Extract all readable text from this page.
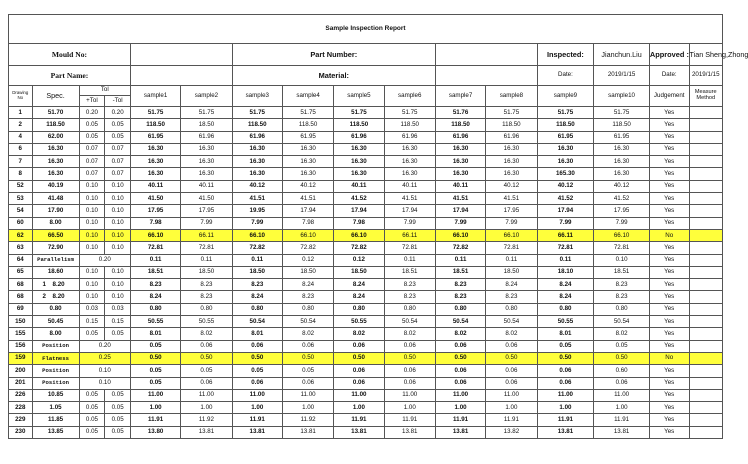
Sample Inspection Report															
Mould No:						Part Number:						Inspected:	Jianchun.Liu	Approved :	Tian Sheng,Zhong
Part Name:						Material:						Date:	2019/1/15	Date:	2019/1/15
Drawing No	Spec.	Tol		sample1	sample2	sample3	sample4	sample5	sample6	sample7	sample8	sample9	sample10	Judgement	Measure Method
		+Tol	-Tol												
1	51.70	0.20	0.20	51.75	51.75	51.75	51.75	51.75	51.75	51.76	51.75	51.75	51.75	Yes	
2	118.50	0.05	0.05	118.50	18.50	118.50	118.50	118.50	118.50	118.50	118.50	118.50	118.50	Yes	
4	62.00	0.05	0.05	61.95	61.96	61.96	61.95	61.96	61.96	61.96	61.96	61.95	61.95	Yes	
6	16.30	0.07	0.07	16.30	16.30	16.30	16.30	16.30	16.30	16.30	16.30	16.30	16.30	Yes	
7	16.30	0.07	0.07	16.30	16.30	16.30	16.30	16.30	16.30	16.30	16.30	16.30	16.30	Yes	
8	16.30	0.07	0.07	16.30	16.30	16.30	16.30	16.30	16.30	16.30	16.30	165.30	16.30	Yes	
52	40.19	0.10	0.10	40.11	40.11	40.12	40.12	40.11	40.11	40.11	40.12	40.12	40.12	Yes	
53	41.48	0.10	0.10	41.50	41.50	41.51	41.51	41.52	41.51	41.51	41.51	41.52	41.52	Yes	
54	17.90	0.10	0.10	17.95	17.95	19.95	17.94	17.94	17.94	17.94	17.95	17.94	17.95	Yes	
60	8.00	0.10	0.10	7.98	7.99	7.99	7.98	7.98	7.99	7.99	7.99	7.99	7.99	Yes	
62	66.50	0.10	0.10	66.10	66.11	66.10	66.10	66.10	66.11	66.10	66.10	66.11	66.10	No	
63	72.90	0.10	0.10	72.81	72.81	72.82	72.82	72.82	72.81	72.82	72.81	72.81	72.81	Yes	
64	Parallelism	0.20		0.11	0.11	0.11	0.12	0.12	0.11	0.11	0.11	0.11	0.10	Yes	
65	18.60	0.10	0.10	18.51	18.50	18.50	18.50	18.50	18.51	18.51	18.50	18.10	18.51	Yes	
68	1 8.20	0.10	0.10	8.23	8.23	8.23	8.24	8.24	8.23	8.23	8.24	8.24	8.23	Yes	
68	2 8.20	0.10	0.10	8.24	8.23	8.24	8.23	8.24	8.23	8.23	8.23	8.24	8.23	Yes	
69	0.80	0.03	0.03	0.80	0.80	0.80	0.80	0.80	0.80	0.80	0.80	0.80	0.80	Yes	
150	50.45	0.15	0.15	50.55	50.55	50.54	50.54	50.55	50.54	50.54	50.54	50.55	50.54	Yes	
155	8.00	0.05	0.05	8.01	8.02	8.01	8.02	8.02	8.02	8.02	8.02	8.01	8.02	Yes	
156	Position	0.20		0.05	0.06	0.06	0.06	0.06	0.06	0.06	0.06	0.05	0.05	Yes	
159	Flatness	0.25		0.50	0.50	0.50	0.50	0.50	0.50	0.50	0.50	0.50	0.50	No	
200	Position	0.10		0.05	0.05	0.05	0.05	0.06	0.06	0.06	0.06	0.06	0.60	Yes	
201	Position	0.10		0.05	0.06	0.06	0.06	0.06	0.06	0.06	0.06	0.06	0.06	Yes	
226	10.85	0.05	0.05	11.00	11.00	11.00	11.00	11.00	11.00	11.00	11.00	11.00	11.00	Yes	
228	1.05	0.05	0.05	1.00	1.00	1.00	1.00	1.00	1.00	1.00	1.00	1.00	1.00	Yes	
229	11.85	0.05	0.05	11.91	11.92	11.91	11.92	11.91	11.91	11.91	11.91	11.91	11.91	Yes	
230	13.85	0.05	0.05	13.80	13.81	13.81	13.81	13.81	13.81	13.81	13.82	13.81	13.81	Yes	
